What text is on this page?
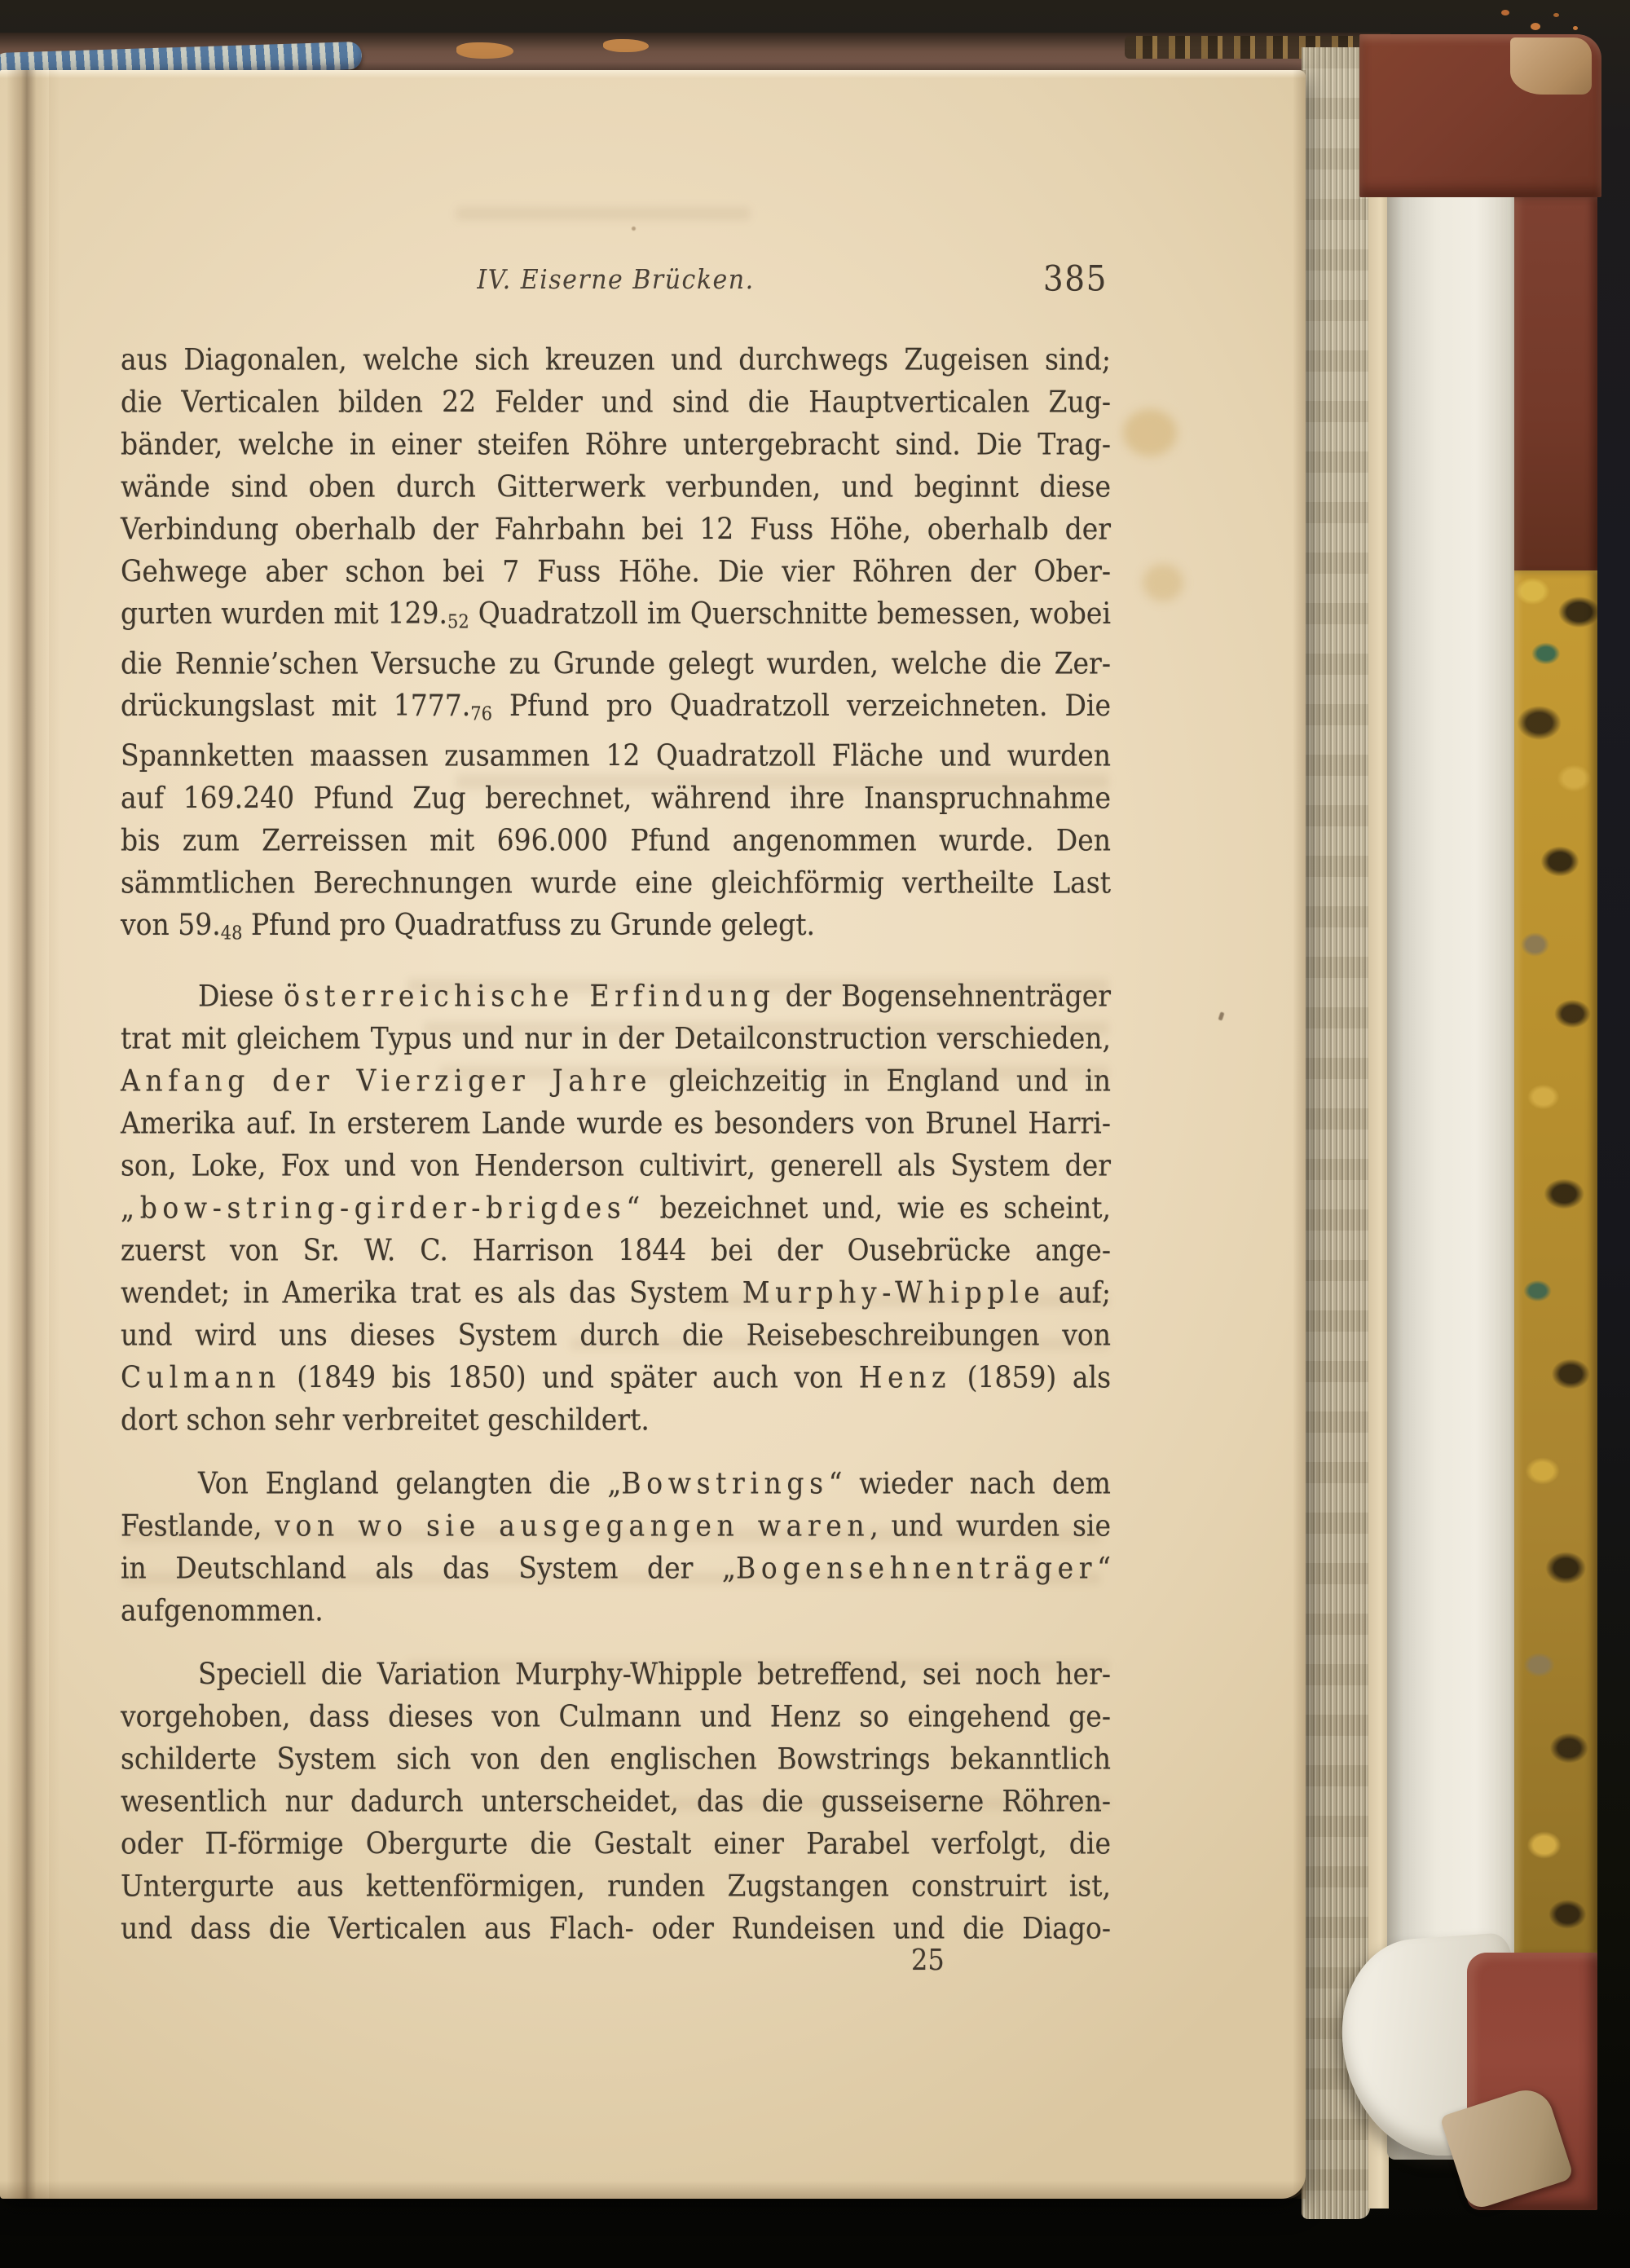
IV. Eiserne Brücken.	385
aus Diagonalen, welche sich kreuzen und durchwegs Zugeisen sind;
die Verticalen bilden 22 Felder und sind die Hauptverticalen Zug-
bänder, welche in einer steifen Röhre untergebracht sind. Die Trag-
wände sind oben durch Gitterwerk verbunden, und beginnt diese
Verbindung oberhalb der Fahrbahn bei 12 Fuss Höhe, oberhalb der
Gehwege aber schon bei 7 Fuss Höhe. Die vier Röhren der Ober-
gurten wurden mit $129._{52}$ Quadratzoll im Querschnitte bemessen, wobei
die Rennie’schen Versuche zu Grunde gelegt wurden, welche die Zer-
drückungslast mit $1777._{76}$ Pfund pro Quadratzoll verzeichneten. Die
Spannketten maassen zusammen 12 Quadratzoll Fläche und wurden
auf 169.240 Pfund Zug berechnet, während ihre Inanspruchnahme
bis zum Zerreissen mit 696.000 Pfund angenommen wurde. Den
sämmtlichen Berechnungen wurde eine gleichförmig vertheilte Last
von $59._{48}$ Pfund pro Quadratfuss zu Grunde gelegt.
Diese österreichische Erfindung der Bogensehnenträger
trat mit gleichem Typus und nur in der Detailconstruction verschieden,
Anfang der Vierziger Jahre gleichzeitig in England und in
Amerika auf. In ersterem Lande wurde es besonders von Brunel Harri-
son, Loke, Fox und von Henderson cultivirt, generell als System der
„bow-string-girder-brigdes“ bezeichnet und, wie es scheint,
zuerst von Sr. W. C. Harrison 1844 bei der Ousebrücke ange-
wendet; in Amerika trat es als das System Murphy-Whipple auf;
und wird uns dieses System durch die Reisebeschreibungen von
Culmann (1849 bis 1850) und später auch von Henz (1859) als
dort schon sehr verbreitet geschildert.
Von England gelangten die „Bowstrings“ wieder nach dem
Festlande, von wo sie ausgegangen waren, und wurden sie
in Deutschland als das System der „Bogensehnenträger“
aufgenommen.
Speciell die Variation Murphy-Whipple betreffend, sei noch her-
vorgehoben, dass dieses von Culmann und Henz so eingehend ge-
schilderte System sich von den englischen Bowstrings bekanntlich
wesentlich nur dadurch unterscheidet, das die gusseiserne Röhren-
oder Π-förmige Obergurte die Gestalt einer Parabel verfolgt, die
Untergurte aus kettenförmigen, runden Zugstangen construirt ist,
und dass die Verticalen aus Flach- oder Rundeisen und die Diago-
25
